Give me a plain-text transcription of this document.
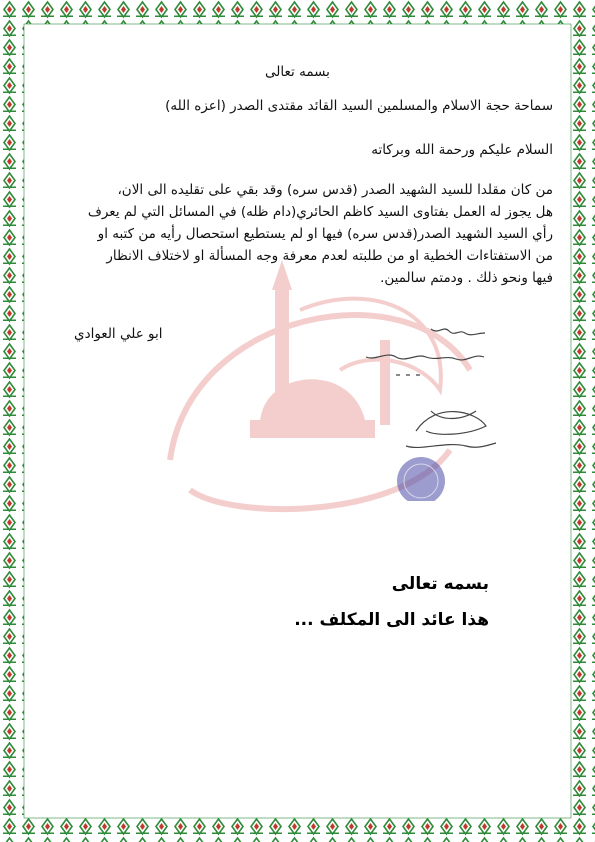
بسمه تعالى
سماحة حجة الاسلام والمسلمين السيد القائد مقتدى الصدر (اعزه الله)
السلام عليكم ورحمة الله وبركاته
من كان مقلدا للسيد الشهيد الصدر (قدس سره) وقد بقي على تقليده الى الان،
هل يجوز له العمل بفتاوى السيد كاظم الحائري(دام ظله) في المسائل التي لم يعرف
رأي السيد الشهيد الصدر(قدس سره) فيها او لم يستطيع استحصال رأيه من كتبه او
من الاستفتاءات الخطية او من طلبته لعدم معرفة وجه المسألة او لاختلاف الانظار
فيها ونحو ذلك . ودمتم سالمين.
ابو علي العوادي
بسمه تعالى
هذا عائد الى المكلف ...
